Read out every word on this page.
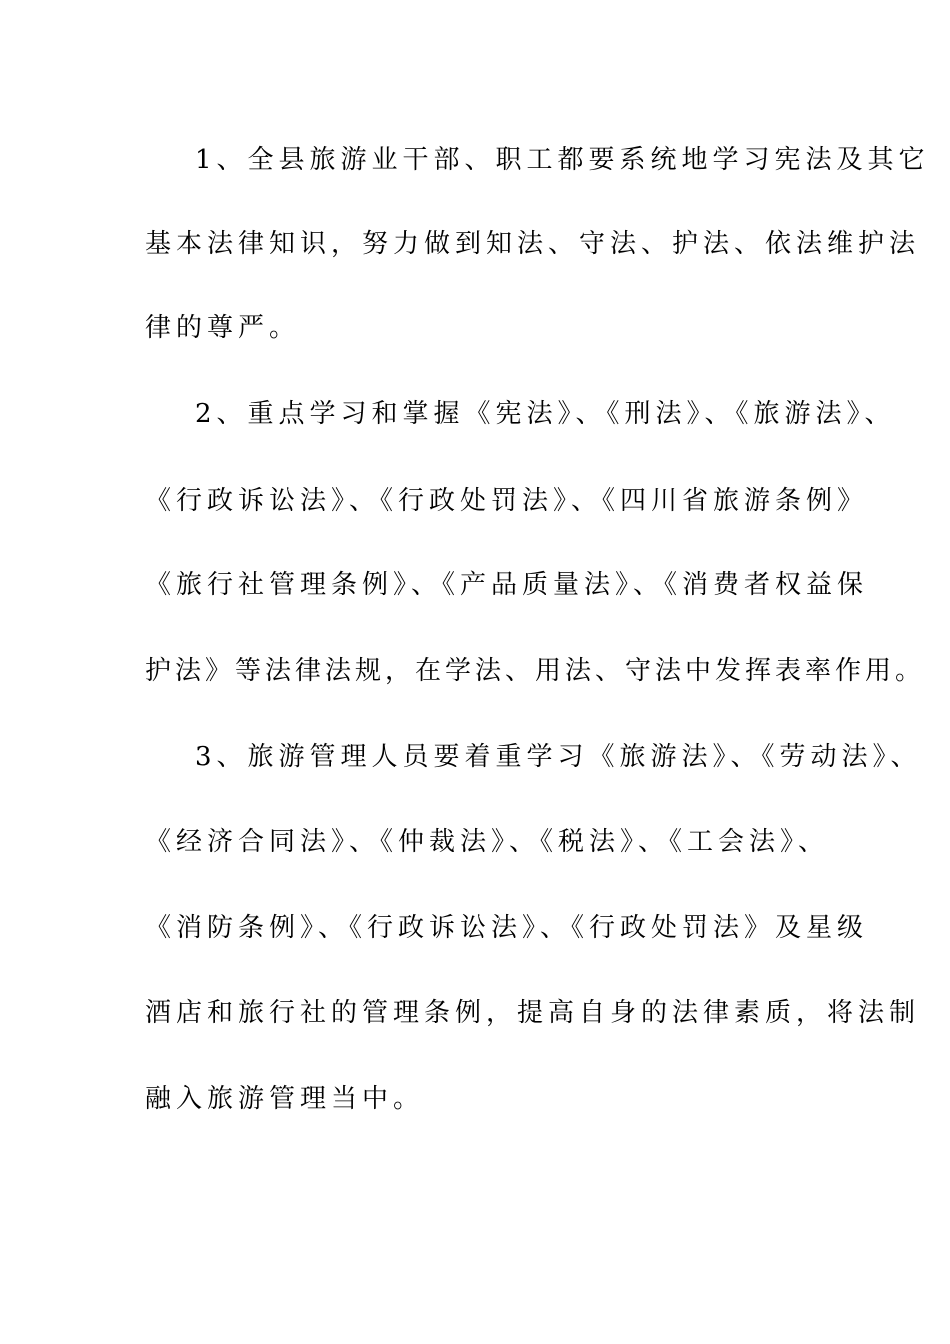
1、全县旅游业干部、职工都要系统地学习宪法及其它
基本法律知识，努力做到知法、守法、护法、依法维护法
律的尊严。
2、重点学习和掌握《宪法》、《刑法》、《旅游法》、
《行政诉讼法》、《行政处罚法》、《四川省旅游条例》
《旅行社管理条例》、《产品质量法》、《消费者权益保
护法》等法律法规，在学法、用法、守法中发挥表率作用。
3、旅游管理人员要着重学习《旅游法》、《劳动法》、
《经济合同法》、《仲裁法》、《税法》、《工会法》、
《消防条例》、《行政诉讼法》、《行政处罚法》及星级
酒店和旅行社的管理条例，提高自身的法律素质，将法制
融入旅游管理当中。
